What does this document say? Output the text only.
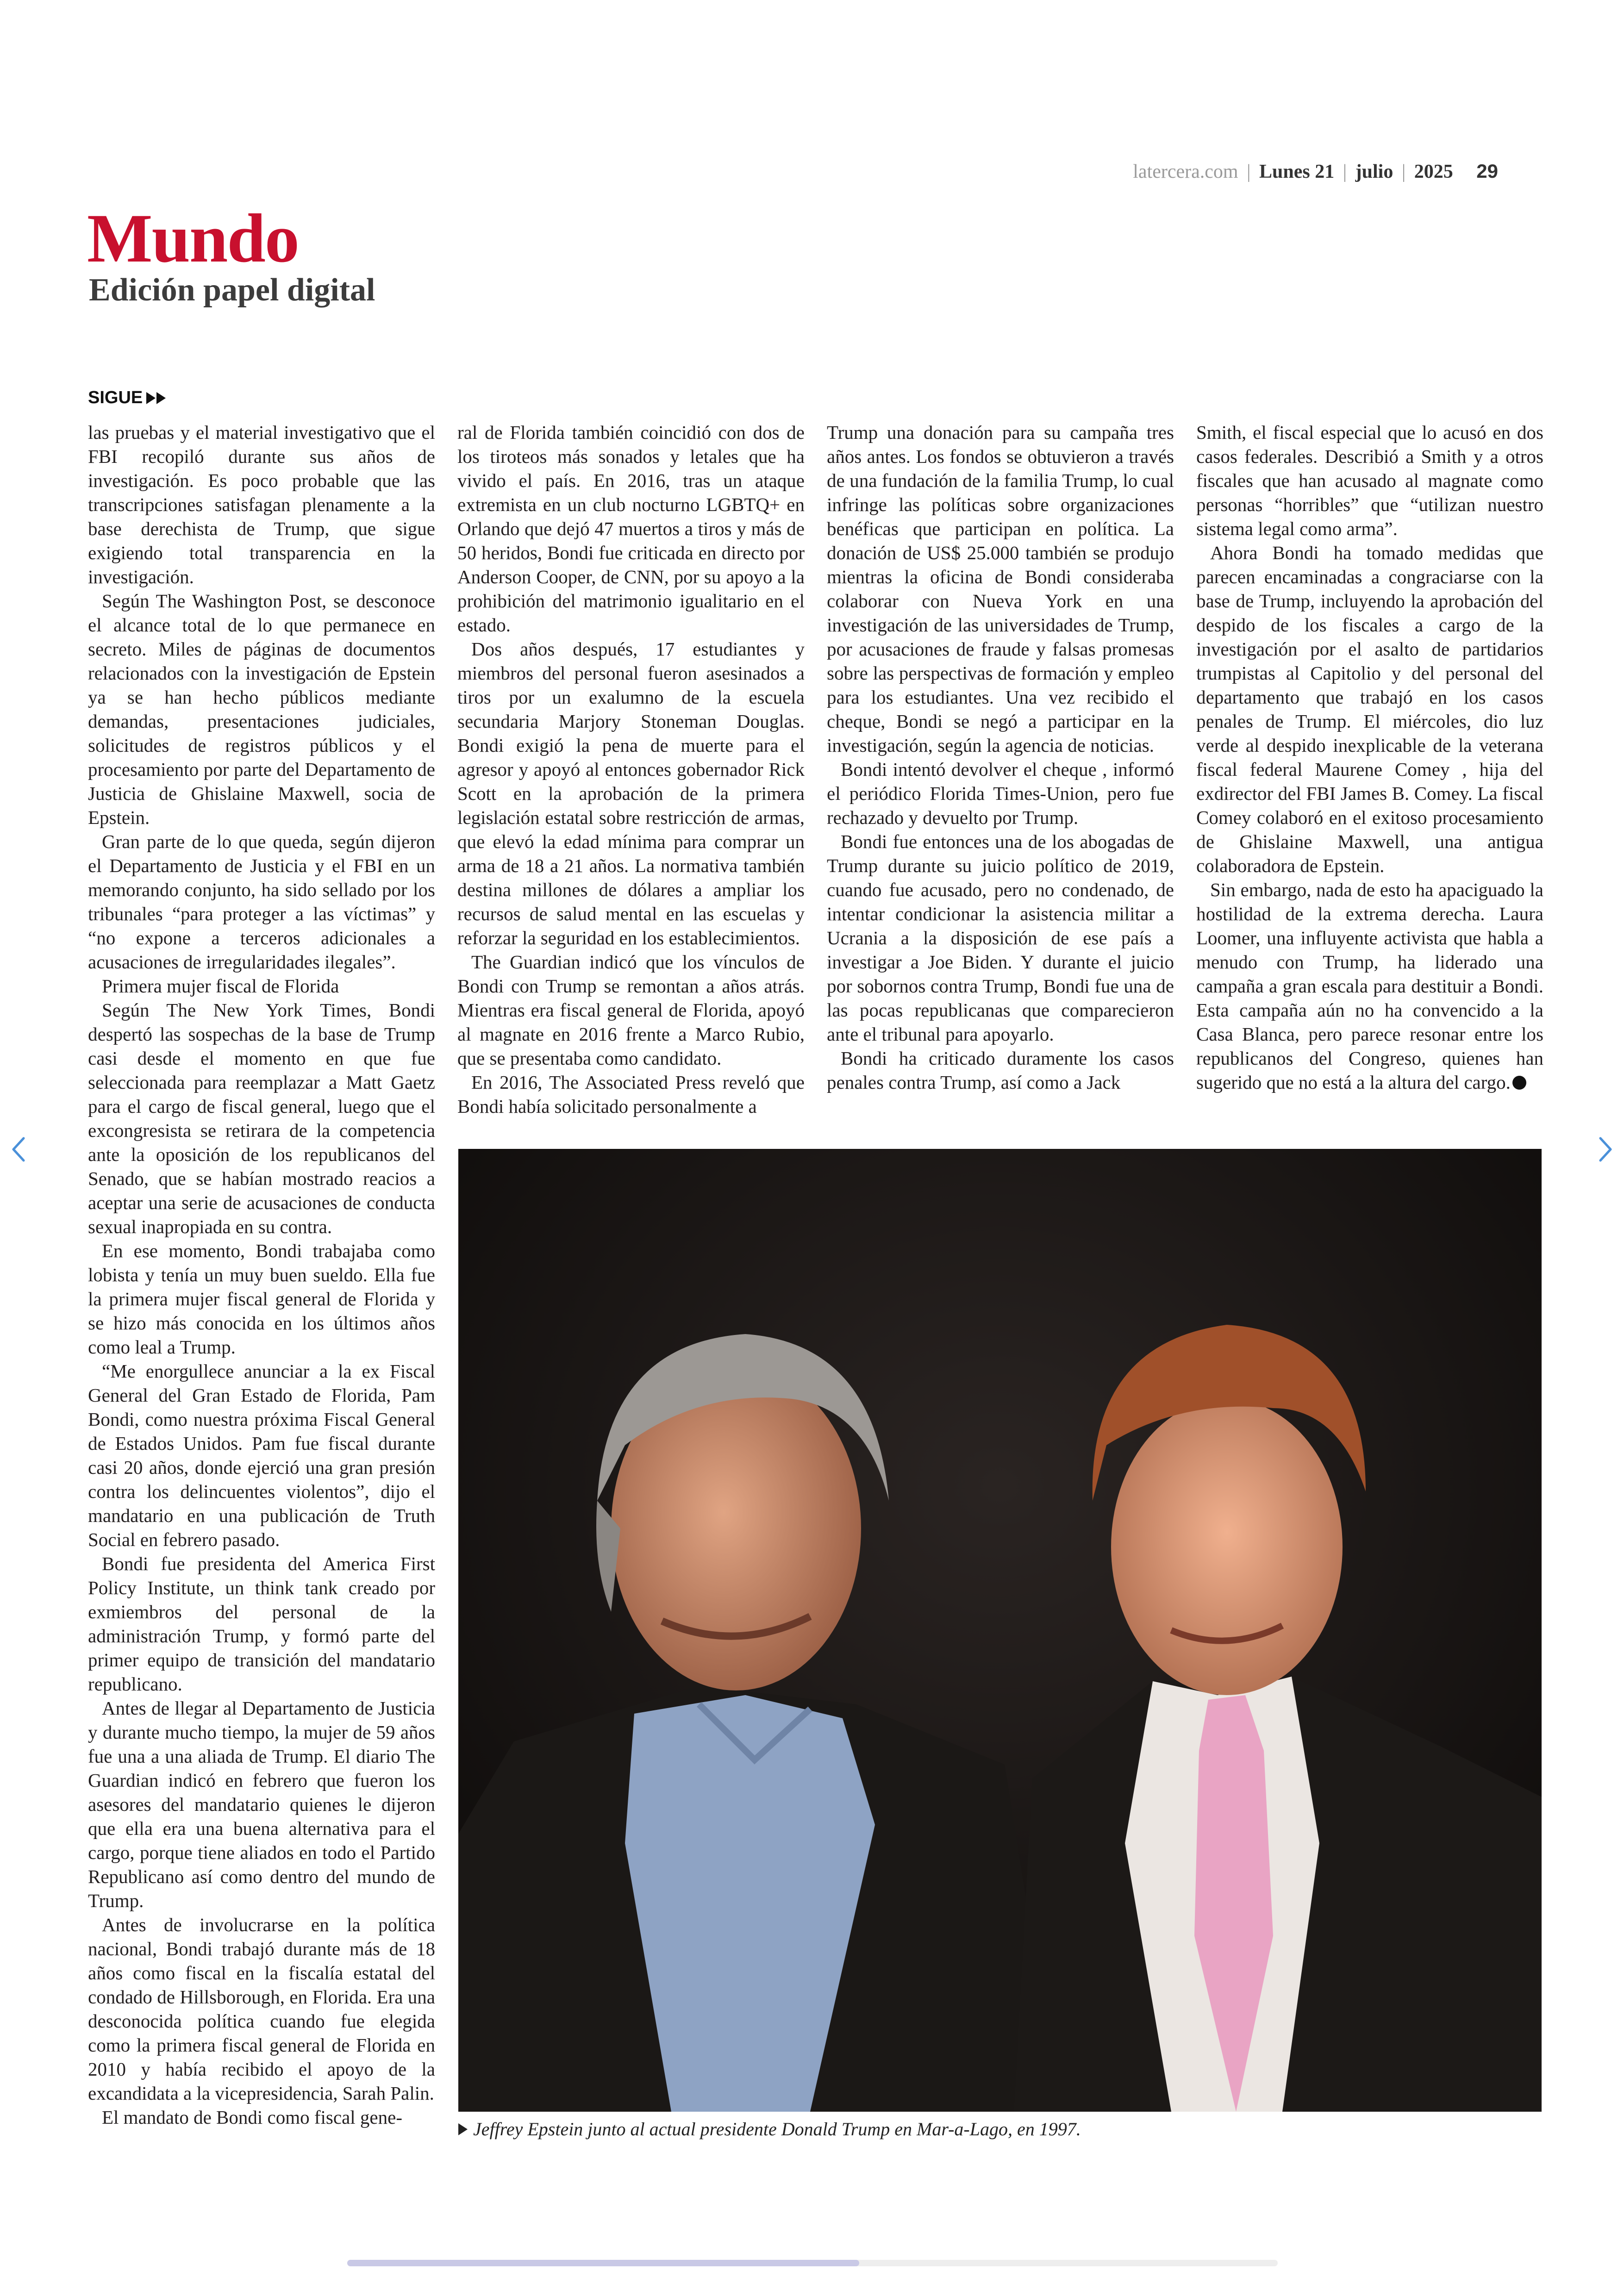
latercera.com | Lunes 21 | julio | 2025 29
Mundo
Edición papel digital
SIGUE

las pruebas y el material investigativo que el FBI recopiló durante sus años de investigación. Es poco probable que las transcripciones satisfagan plenamente a la base derechista de Trump, que sigue exigiendo total transparencia en la investigación.

Según The Washington Post, se desconoce el alcance total de lo que permanece en secreto. Miles de páginas de documentos relacionados con la investigación de Epstein ya se han hecho públicos mediante demandas, presentaciones judiciales, solicitudes de registros públicos y el procesamiento por parte del Departamento de Justicia de Ghislaine Maxwell, socia de Epstein.

Gran parte de lo que queda, según dijeron el Departamento de Justicia y el FBI en un memorando conjunto, ha sido sellado por los tribunales “para proteger a las víctimas” y “no expone a terceros adicionales a acusaciones de irregularidades ilegales”.

Primera mujer fiscal de Florida

Según The New York Times, Bondi despertó las sospechas de la base de Trump casi desde el momento en que fue seleccionada para reemplazar a Matt Gaetz para el cargo de fiscal general, luego que el excongresista se retirara de la competencia ante la oposición de los republicanos del Senado, que se habían mostrado reacios a aceptar una serie de acusaciones de conducta sexual inapropiada en su contra.

En ese momento, Bondi trabajaba como lobista y tenía un muy buen sueldo. Ella fue la primera mujer fiscal general de Florida y se hizo más conocida en los últimos años como leal a Trump.

“Me enorgullece anunciar a la ex Fiscal General del Gran Estado de Florida, Pam Bondi, como nuestra próxima Fiscal General de Estados Unidos. Pam fue fiscal durante casi 20 años, donde ejerció una gran presión contra los delincuentes violentos”, dijo el mandatario en una publicación de Truth Social en febrero pasado.

Bondi fue presidenta del America First Policy Institute, un think tank creado por exmiembros del personal de la administración Trump, y formó parte del primer equipo de transición del mandatario republicano.

Antes de llegar al Departamento de Justicia y durante mucho tiempo, la mujer de 59 años fue una a una aliada de Trump. El diario The Guardian indicó en febrero que fueron los asesores del mandatario quienes le dijeron que ella era una buena alternativa para el cargo, porque tiene aliados en todo el Partido Republicano así como dentro del mundo de Trump.

Antes de involucrarse en la política nacional, Bondi trabajó durante más de 18 años como fiscal en la fiscalía estatal del condado de Hillsborough, en Florida. Era una desconocida política cuando fue elegida como la primera fiscal general de Florida en 2010 y había recibido el apoyo de la excandidata a la vicepresidencia, Sarah Palin.

El mandato de Bondi como fiscal gene-

ral de Florida también coincidió con dos de los tiroteos más sonados y letales que ha vivido el país. En 2016, tras un ataque extremista en un club nocturno LGBTQ+ en Orlando que dejó 47 muertos a tiros y más de 50 heridos, Bondi fue criticada en directo por Anderson Cooper, de CNN, por su apoyo a la prohibición del matrimonio igualitario en el estado.

Dos años después, 17 estudiantes y miembros del personal fueron asesinados a tiros por un exalumno de la escuela secundaria Marjory Stoneman Douglas. Bondi exigió la pena de muerte para el agresor y apoyó al entonces gobernador Rick Scott en la aprobación de la primera legislación estatal sobre restricción de armas, que elevó la edad mínima para comprar un arma de 18 a 21 años. La normativa también destina millones de dólares a ampliar los recursos de salud mental en las escuelas y reforzar la seguridad en los establecimientos.

The Guardian indicó que los vínculos de Bondi con Trump se remontan a años atrás. Mientras era fiscal general de Florida, apoyó al magnate en 2016 frente a Marco Rubio, que se presentaba como candidato.

En 2016, The Associated Press reveló que Bondi había solicitado personalmente a

Trump una donación para su campaña tres años antes. Los fondos se obtuvieron a través de una fundación de la familia Trump, lo cual infringe las políticas sobre organizaciones benéficas que participan en política. La donación de US$ 25.000 también se produjo mientras la oficina de Bondi consideraba colaborar con Nueva York en una investigación de las universidades de Trump, por acusaciones de fraude y falsas promesas sobre las perspectivas de formación y empleo para los estudiantes. Una vez recibido el cheque, Bondi se negó a participar en la investigación, según la agencia de noticias.

Bondi intentó devolver el cheque , informó el periódico Florida Times-Union, pero fue rechazado y devuelto por Trump.

Bondi fue entonces una de los abogadas de Trump durante su juicio político de 2019, cuando fue acusado, pero no condenado, de intentar condicionar la asistencia militar a Ucrania a la disposición de ese país a investigar a Joe Biden. Y durante el juicio por sobornos contra Trump, Bondi fue una de las pocas republicanas que comparecieron ante el tribunal para apoyarlo.

Bondi ha criticado duramente los casos penales contra Trump, así como a Jack

Smith, el fiscal especial que lo acusó en dos casos federales. Describió a Smith y a otros fiscales que han acusado al magnate como personas “horribles” que “utilizan nuestro sistema legal como arma”.

Ahora Bondi ha tomado medidas que parecen encaminadas a congraciarse con la base de Trump, incluyendo la aprobación del despido de los fiscales a cargo de la investigación por el asalto de partidarios trumpistas al Capitolio y del personal del departamento que trabajó en los casos penales de Trump. El miércoles, dio luz verde al despido inexplicable de la veterana fiscal federal Maurene Comey , hija del exdirector del FBI James B. Comey. La fiscal Comey colaboró en el exitoso procesamiento de Ghislaine Maxwell, una antigua colaboradora de Epstein.

Sin embargo, nada de esto ha apaciguado la hostilidad de la extrema derecha. Laura Loomer, una influyente activista que habla a menudo con Trump, ha liderado una campaña a gran escala para destituir a Bondi. Esta campaña aún no ha convencido a la Casa Blanca, pero parece resonar entre los republicanos del Congreso, quienes han sugerido que no está a la altura del cargo.

Jeffrey Epstein junto al actual presidente Donald Trump en Mar-a-Lago, en 1997.
